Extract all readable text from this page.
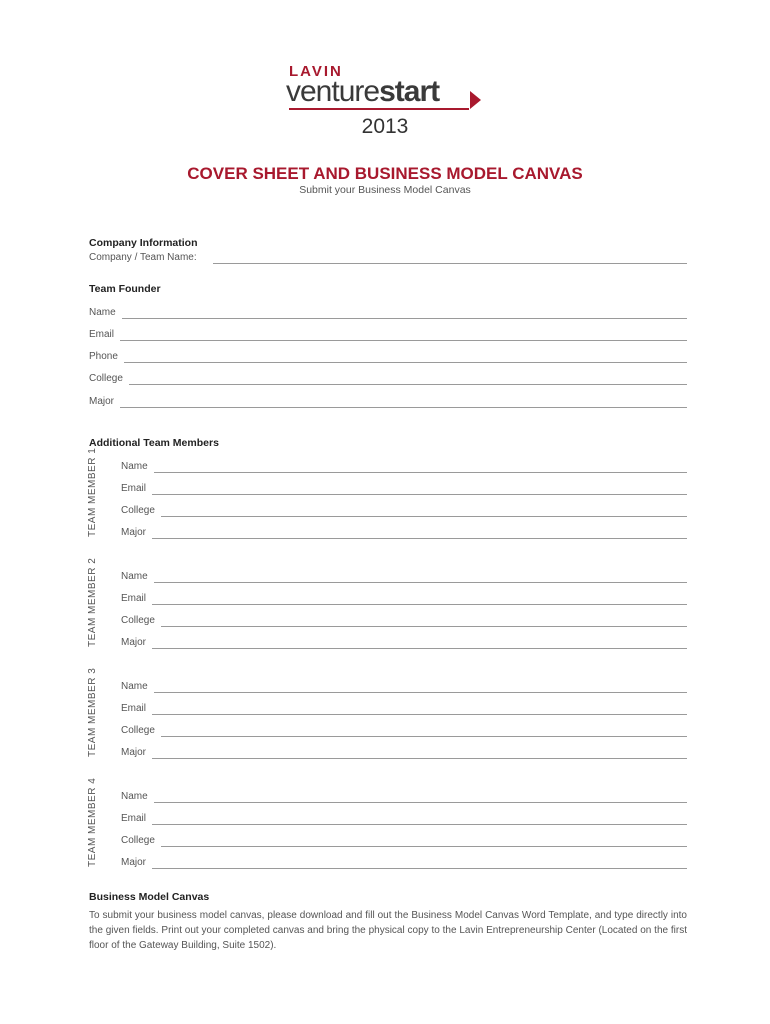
LAVIN
venturestart
2013
COVER SHEET AND BUSINESS MODEL CANVAS
Submit your Business Model Canvas
Company Information
Company / Team Name:
Team Founder
Name
Email
Phone
College
Major
Additional Team Members
TEAM MEMBER 1	Name
Email
College
Major
TEAM MEMBER 2	Name
Email
College
Major
TEAM MEMBER 3	Name
Email
College
Major
TEAM MEMBER 4	Name
Email
College
Major
Business Model Canvas
To submit your business model canvas, please download and fill out the Business Model Canvas Word Template, and type directly into the given fields. Print out your completed canvas and bring the physical copy to the Lavin Entrepreneurship Center (Located on the first floor of the Gateway Building, Suite 1502).
